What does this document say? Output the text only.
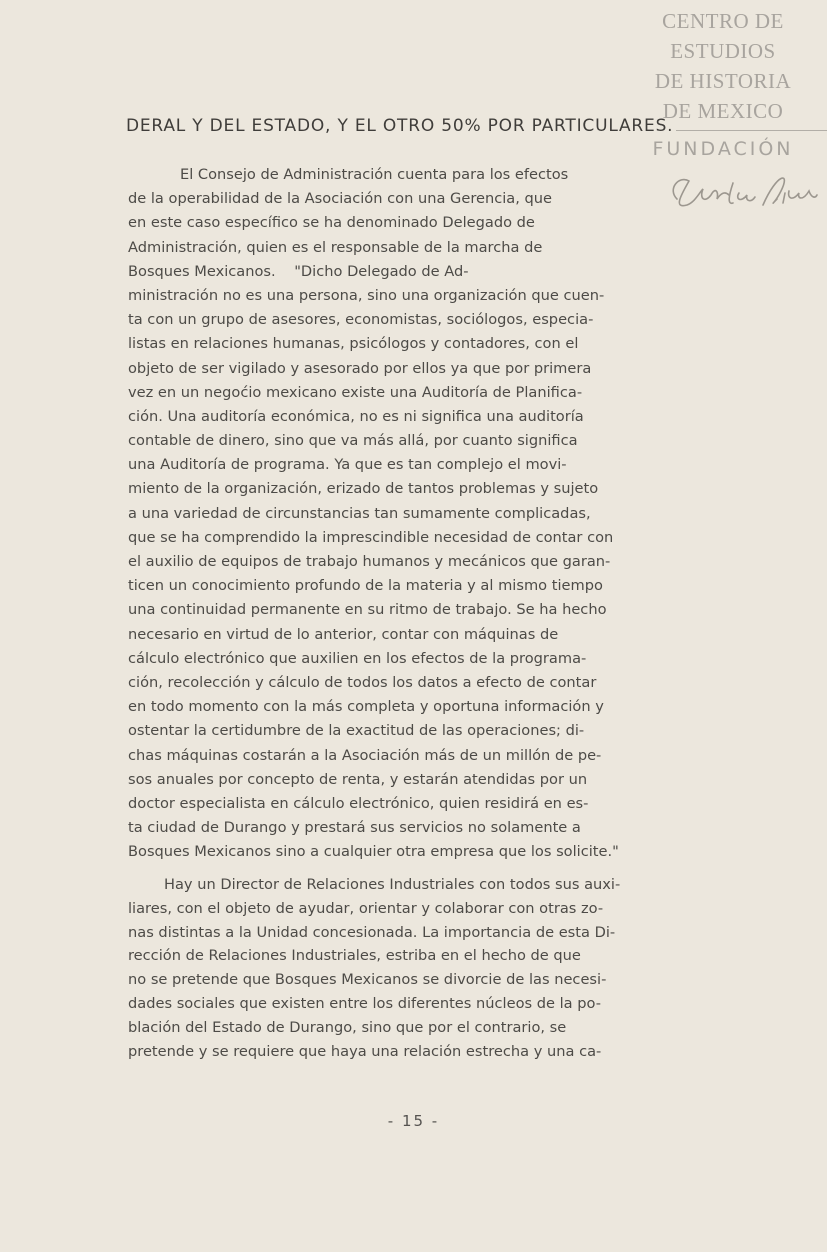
CENTRO DE
ESTUDIOS
DE HISTORIA
DE MEXICO
FUNDACIÓN
DERAL Y DEL ESTADO, Y EL OTRO 50% POR PARTICULARES.
El Consejo de Administración cuenta para los efectos
de la operabilidad de la Asociación con una Gerencia, que
en este caso específico se ha denominado Delegado de
Administración, quien es el responsable de la marcha de
Bosques Mexicanos.    "Dicho Delegado de Ad-
ministración no es una persona, sino una organización que cuen-
ta con un grupo de asesores, economistas, sociólogos, especia-
listas en relaciones humanas, psicólogos y contadores, con el
objeto de ser vigilado y asesorado por ellos ya que por primera
vez en un negoćio mexicano existe una Auditoría de Planifica-
ción. Una auditoría económica, no es ni significa una auditoría
contable de dinero, sino que va más allá, por cuanto significa
una Auditoría de programa. Ya que es tan complejo el movi-
miento de la organización, erizado de tantos problemas y sujeto
a una variedad de circunstancias tan sumamente complicadas,
que se ha comprendido la imprescindible necesidad de contar con
el auxilio de equipos de trabajo humanos y mecánicos que garan-
ticen un conocimiento profundo de la materia y al mismo tiempo
una continuidad permanente en su ritmo de trabajo. Se ha hecho
necesario en virtud de lo anterior, contar con máquinas de
cálculo electrónico que auxilien en los efectos de la programa-
ción, recolección y cálculo de todos los datos a efecto de contar
en todo momento con la más completa y oportuna información y
ostentar la certidumbre de la exactitud de las operaciones; di-
chas máquinas costarán a la Asociación más de un millón de pe-
sos anuales por concepto de renta, y estarán atendidas por un
doctor especialista en cálculo electrónico, quien residirá en es-
ta ciudad de Durango y prestará sus servicios no solamente a
Bosques Mexicanos sino a cualquier otra empresa que los solicite."
Hay un Director de Relaciones Industriales con todos sus auxi-
liares, con el objeto de ayudar, orientar y colaborar con otras zo-
nas distintas a la Unidad concesionada. La importancia de esta Di-
rección de Relaciones Industriales, estriba en el hecho de que
no se pretende que Bosques Mexicanos se divorcie de las necesi-
dades sociales que existen entre los diferentes núcleos de la po-
blación del Estado de Durango, sino que por el contrario, se
pretende y se requiere que haya una relación estrecha y una ca-
- 15 -
